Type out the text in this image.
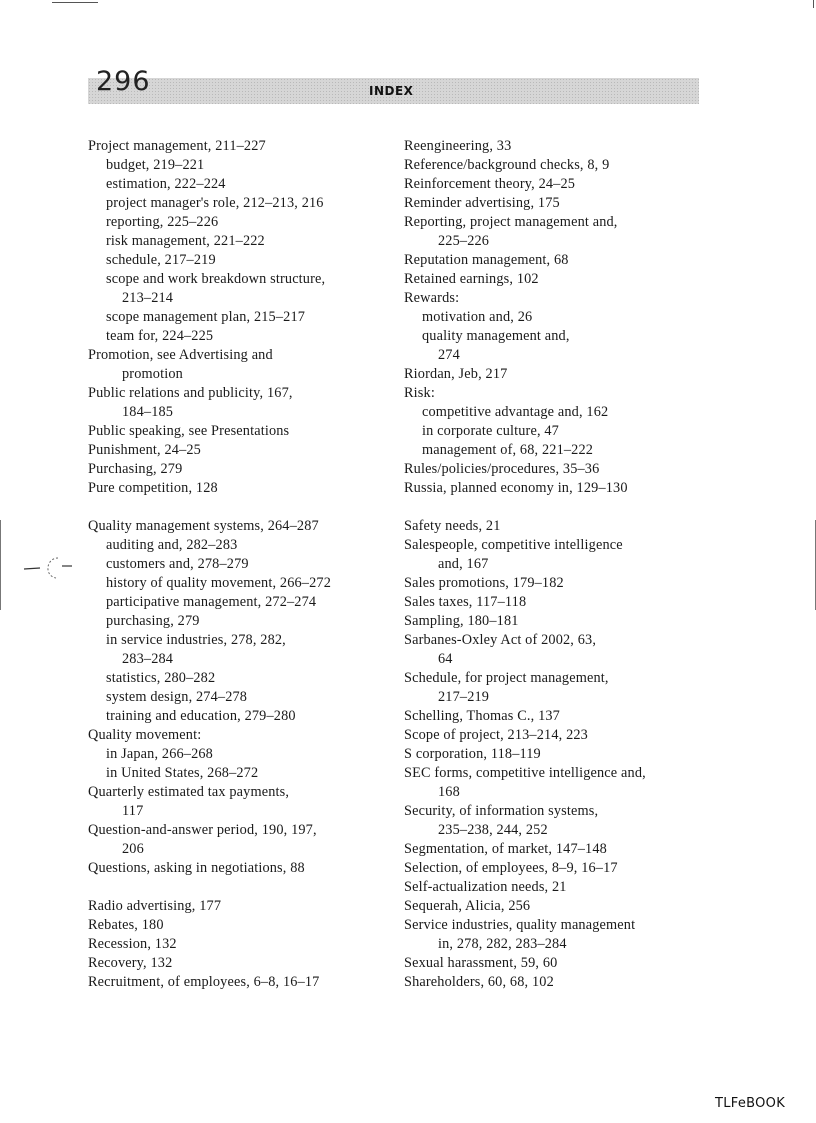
296	INDEX
Project management, 211–227
budget, 219–221
estimation, 222–224
project manager's role, 212–213, 216
reporting, 225–226
risk management, 221–222
schedule, 217–219
scope and work breakdown structure,
213–214
scope management plan, 215–217
team for, 224–225
Promotion, see Advertising and
promotion
Public relations and publicity, 167,
184–185
Public speaking, see Presentations
Punishment, 24–25
Purchasing, 279
Pure competition, 128
Quality management systems, 264–287
auditing and, 282–283
customers and, 278–279
history of quality movement, 266–272
participative management, 272–274
purchasing, 279
in service industries, 278, 282,
283–284
statistics, 280–282
system design, 274–278
training and education, 279–280
Quality movement:
in Japan, 266–268
in United States, 268–272
Quarterly estimated tax payments,
117
Question-and-answer period, 190, 197,
206
Questions, asking in negotiations, 88
Radio advertising, 177
Rebates, 180
Recession, 132
Recovery, 132
Recruitment, of employees, 6–8, 16–17
Reengineering, 33
Reference/background checks, 8, 9
Reinforcement theory, 24–25
Reminder advertising, 175
Reporting, project management and,
225–226
Reputation management, 68
Retained earnings, 102
Rewards:
motivation and, 26
quality management and,
274
Riordan, Jeb, 217
Risk:
competitive advantage and, 162
in corporate culture, 47
management of, 68, 221–222
Rules/policies/procedures, 35–36
Russia, planned economy in, 129–130
Safety needs, 21
Salespeople, competitive intelligence
and, 167
Sales promotions, 179–182
Sales taxes, 117–118
Sampling, 180–181
Sarbanes-Oxley Act of 2002, 63,
64
Schedule, for project management,
217–219
Schelling, Thomas C., 137
Scope of project, 213–214, 223
S corporation, 118–119
SEC forms, competitive intelligence and,
168
Security, of information systems,
235–238, 244, 252
Segmentation, of market, 147–148
Selection, of employees, 8–9, 16–17
Self-actualization needs, 21
Sequerah, Alicia, 256
Service industries, quality management
in, 278, 282, 283–284
Sexual harassment, 59, 60
Shareholders, 60, 68, 102
TLFeBOOK
